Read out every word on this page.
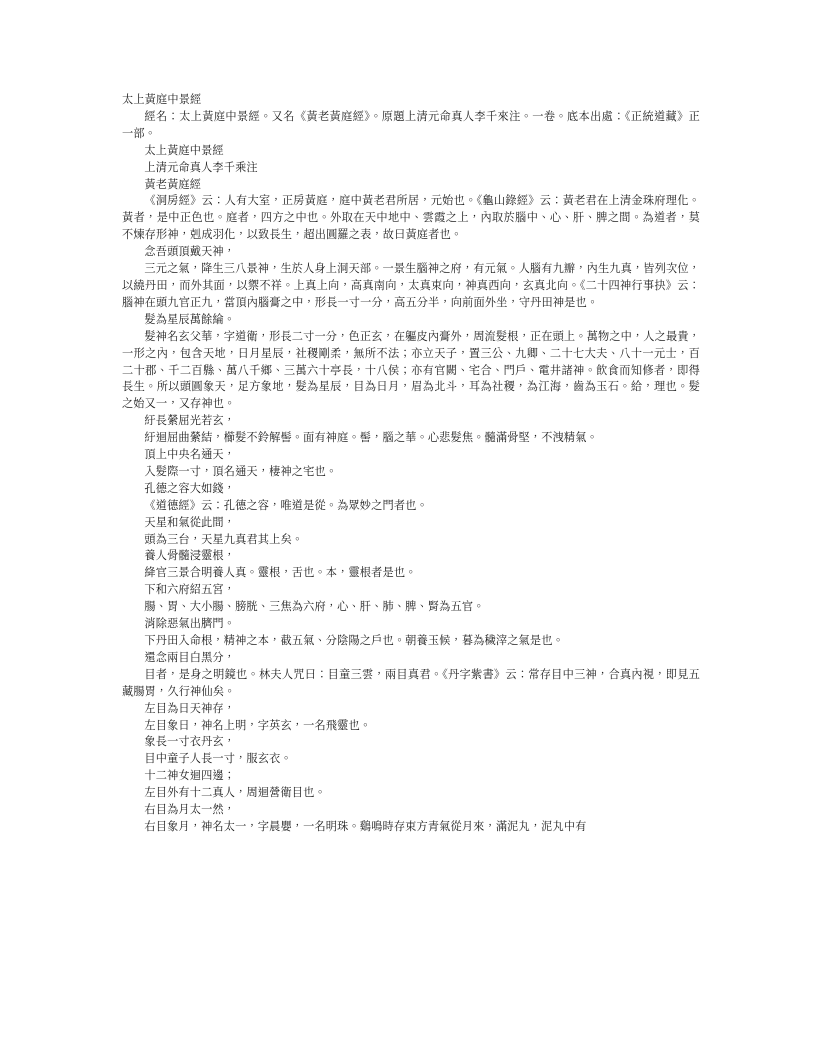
太上黃庭中景經

經名：太上黃庭中景經。又名《黃老黃庭經》。原題上清元命真人李千來注。一卷。底本出處：《正統道藏》正一部。

太上黃庭中景經

上清元命真人李千乘注

黃老黃庭經

《洞房經》云：人有大室，正房黃庭，庭中黃老君所居，元始也。《龜山錄經》云：黃老君在上清金珠府理化。黃者，是中正色也。庭者，四方之中也。外取在天中地中、雲霞之上，內取於腦中、心、肝、脾之間。為道者，莫不煉存形神，剋成羽化，以致長生，超出圓羅之表，故曰黃庭者也。

念吾頭頂戴天神，

三元之氣，降生三八景神，生於人身上洞天部。一景生腦神之府，有元氣。人腦有九瓣，內生九真，皆列次位，以繞丹田，而外其面，以禦不祥。上真上向，高真南向，太真束向，神真西向，玄真北向。《二十四神行事抉》云：腦神在頭九官正九，當頂內腦膏之中，形長一寸一分，高五分半，向前面外坐，守丹田神是也。

髮為星辰萬餘綸。

髮神名玄父華，字道衛，形長二寸一分，色正玄，在軀皮內膏外，周流髮根，正在頭上。萬物之中，人之最貴，一形之內，包含天地，日月星辰，社稷剛柔，無所不法；亦立天子，置三公、九卿、二十七大夫、八十一元士，百二十郡、千二百縣、萬八千鄉、三萬六十亭長，十八侯；亦有官闕、宅合、門戶、電井諸神。飲食而知修者，即得長生。所以頭圓象天，足方象地，髮為星辰，目為日月，眉為北斗，耳為社稷，為江海，齒為玉石。給，理也。髮之始又一，又存神也。

紆長縈屈光若玄，

紆迴屈曲縈結，櫛髮不鈴解髻。面有神庭。髻，腦之華。心悲髮焦。髓滿骨堅，不洩精氣。

頂上中央名通天，

入髮際一寸，頂名通天，棲神之宅也。

孔德之容大如錢，

《道德經》云：孔德之容，唯道是從。為眾妙之門者也。

天星和氣從此間，

頭為三台，天星九真君其上矣。

養人骨髓浸靈根，

絳官三景合明養人真。靈根，舌也。本，靈根者是也。

下和六府紹五宮，

腸、胃、大小腸、膀胱、三焦為六府，心、肝、肺、脾、腎為五官。

消除惡氣出臍門。

下丹田入命根，精神之本，截五氣、分陰陽之戶也。朝養玉候，暮為穢滓之氣是也。

還念兩目白黑分，

目者，是身之明鏡也。林夫人咒曰：目童三雲，兩目真君。《丹字紫書》云：常存目中三神，合真內視，即見五藏腸胃，久行神仙矣。

左目為日天神存，

左目象日，神名上明，字英玄，一名飛靈也。

象長一寸衣丹玄，

目中童子人長一寸，服玄衣。

十二神女迴四邊；

左目外有十二真人，周迴營衛目也。

右目為月太一然，

右目象月，神名太一，字晨嬰，一名明珠。鷄鳴時存束方青氣從月來，滿泥丸，泥丸中有
